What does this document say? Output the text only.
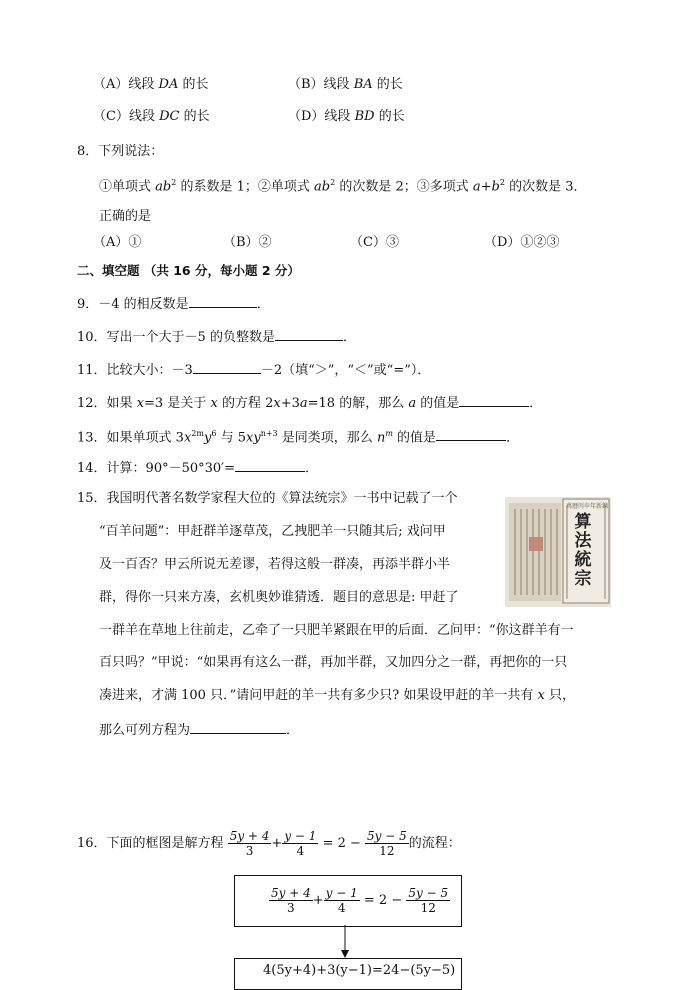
（A）线段 DA 的长	（B）线段 BA 的长
（C）线段 DC 的长	（D）线段 BD 的长
8．下列说法：
①单项式 $ab^2$ 的系数是 1；②单项式 $ab^2$ 的次数是 2；③多项式 $a+b^2$ 的次数是 3．
正确的是
（A）①	（B）②	（C）③	（D）①②③
二、填空题 （共 16 分，每小题 2 分）
9．－4 的相反数是	．
10．写出一个大于－5 的负整数是	．
11．比较大小：－3	－2（填“＞”，“＜”或“=”）．
12．如果 x=3 是关于 x 的方程 2x+3a=18 的解，那么 a 的值是	．
13．如果单项式 $3x^{2m}y^6$ 与 $5xy^{n+3}$ 是同类项，那么 $n^m$ 的值是	．
14．计算：90°－50°30′=	．
15．我国明代著名数学家程大位的《算法统宗》一书中记载了一个
“百羊问题”：甲赶群羊逐草茂，乙拽肥羊一只随其后; 戏问甲
及一百否？甲云所说无差谬，若得这般一群凑，再添半群小半
群，得你一只来方凑，玄机奥妙谁猜透．题目的意思是: 甲赶了
一群羊在草地上往前走，乙牵了一只肥羊紧跟在甲的后面．乙问甲：“你这群羊有一
百只吗？”甲说：“如果再有这么一群，再加半群，又加四分之一群，再把你的一只
凑进来，才满 100 只．”请问甲赶的羊一共有多少只? 如果设甲赶的羊一共有 x 只，
那么可列方程为	．
萬曆丙申年新鐫
算法統宗
16．下面的框图是解方程 $\frac{5y + 4}{3} + \frac{y - 1}{4} = 2 - \frac{5y - 5}{12}$ 的流程：
$\frac{5y + 4}{3} + \frac{y - 1}{4} = 2 - \frac{5y - 5}{12}$
4(5y+4)+3(y−1)=24−(5y−5)
